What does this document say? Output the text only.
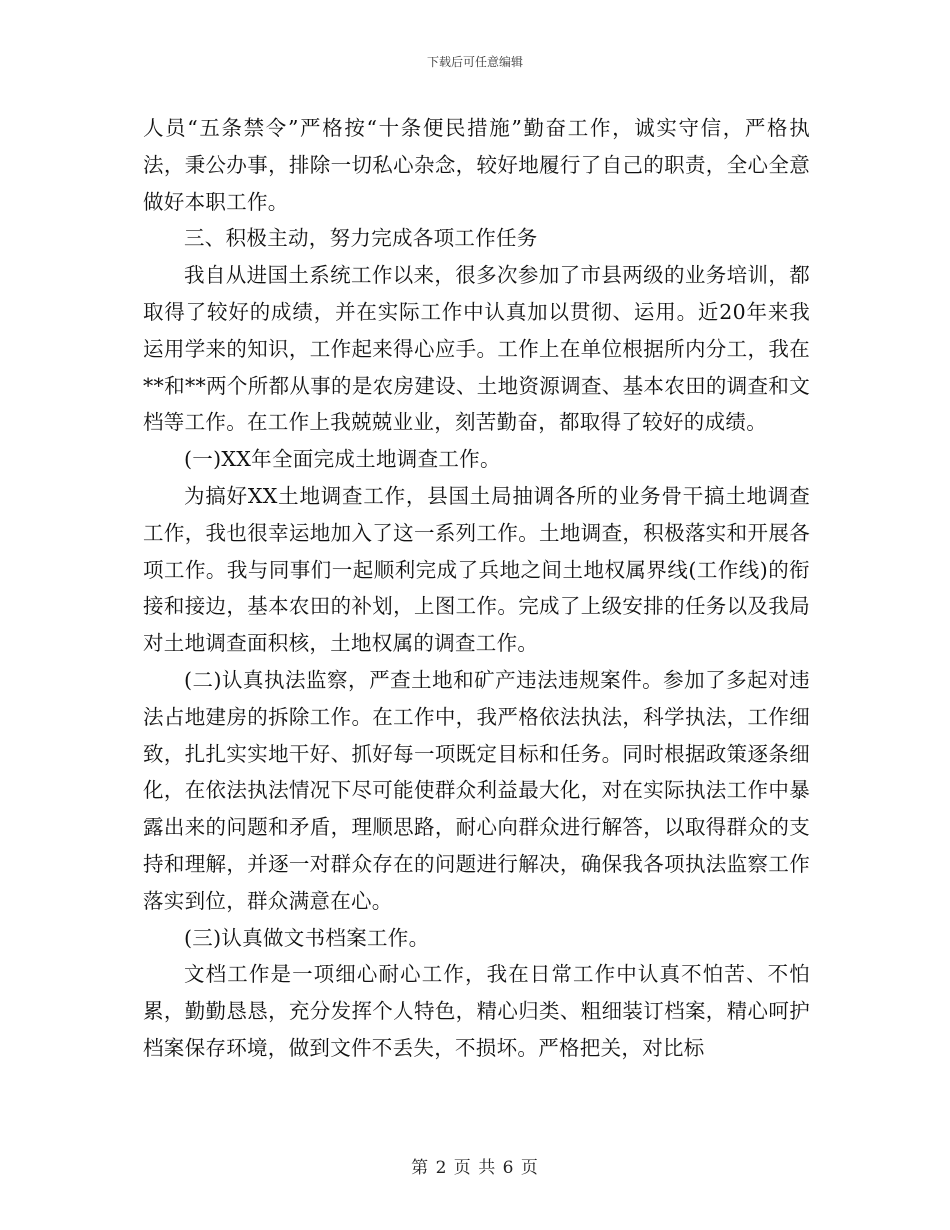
下载后可任意编辑

人员“五条禁令”严格按“十条便民措施”勤奋工作，诚实守信，严格执法，秉公办事，排除一切私心杂念，较好地履行了自己的职责，全心全意做好本职工作。

三、积极主动，努力完成各项工作任务

我自从进国土系统工作以来，很多次参加了市县两级的业务培训，都取得了较好的成绩，并在实际工作中认真加以贯彻、运用。近20年来我运用学来的知识，工作起来得心应手。工作上在单位根据所内分工，我在**和**两个所都从事的是农房建设、土地资源调查、基本农田的调查和文档等工作。在工作上我兢兢业业，刻苦勤奋，都取得了较好的成绩。

(一)XX年全面完成土地调查工作。

为搞好XX土地调查工作，县国土局抽调各所的业务骨干搞土地调查工作，我也很幸运地加入了这一系列工作。土地调查，积极落实和开展各项工作。我与同事们一起顺利完成了兵地之间土地权属界线(工作线)的衔接和接边，基本农田的补划，上图工作。完成了上级安排的任务以及我局对土地调查面积核，土地权属的调查工作。

(二)认真执法监察，严查土地和矿产违法违规案件。参加了多起对违法占地建房的拆除工作。在工作中，我严格依法执法，科学执法，工作细致，扎扎实实地干好、抓好每一项既定目标和任务。同时根据政策逐条细化，在依法执法情况下尽可能使群众利益最大化，对在实际执法工作中暴露出来的问题和矛盾，理顺思路，耐心向群众进行解答，以取得群众的支持和理解，并逐一对群众存在的问题进行解决，确保我各项执法监察工作落实到位，群众满意在心。

(三)认真做文书档案工作。

文档工作是一项细心耐心工作，我在日常工作中认真不怕苦、不怕累，勤勤恳恳，充分发挥个人特色，精心归类、粗细装订档案，精心呵护档案保存环境，做到文件不丢失，不损坏。严格把关，对比标

第 2 页 共 6 页
